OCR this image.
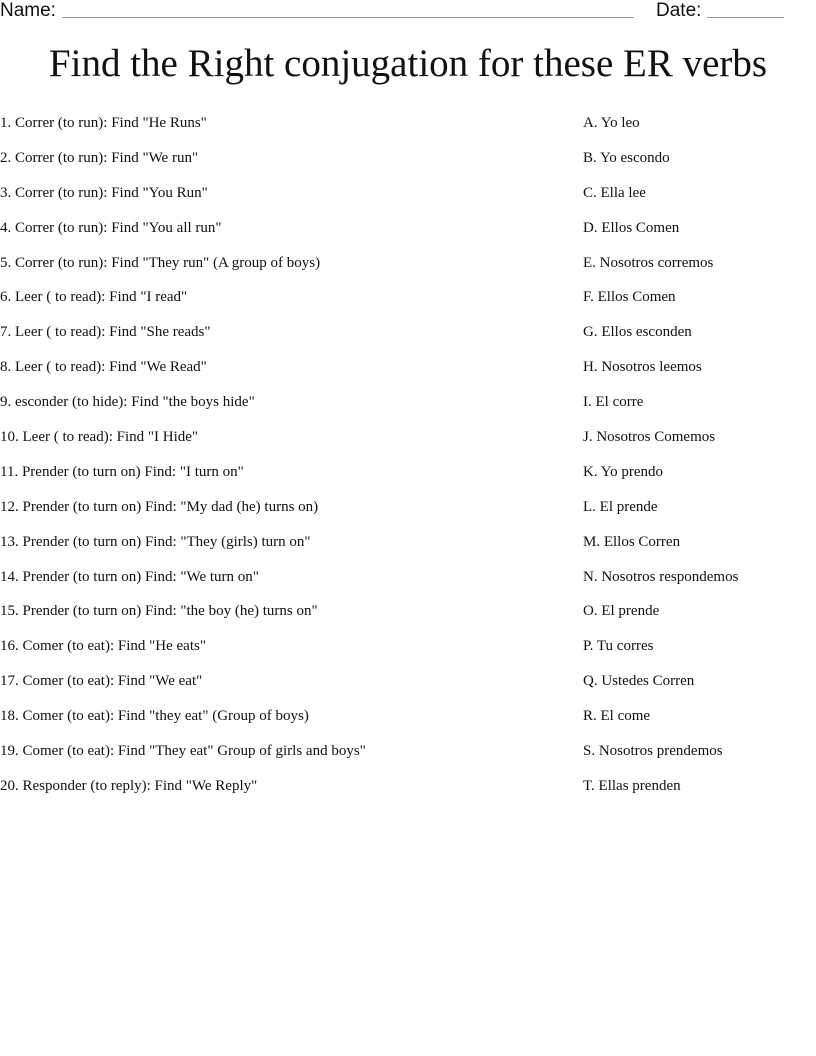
Name:	Date:
Find the Right conjugation for these ER verbs
1. Correr (to run): Find "He Runs"
2. Correr (to run): Find "We run"
3. Correr (to run): Find "You Run"
4. Correr (to run): Find "You all run"
5. Correr (to run): Find "They run" (A group of boys)
6. Leer ( to read): Find "I read"
7. Leer ( to read): Find "She reads"
8. Leer ( to read): Find "We Read"
9. esconder (to hide): Find "the boys hide"
10. Leer ( to read): Find "I Hide"
11. Prender (to turn on) Find: "I turn on"
12. Prender (to turn on) Find: "My dad (he) turns on)
13. Prender (to turn on) Find: "They (girls) turn on"
14. Prender (to turn on) Find: "We turn on"
15. Prender (to turn on) Find: "the boy (he) turns on"
16. Comer (to eat): Find "He eats"
17. Comer (to eat): Find "We eat"
18. Comer (to eat): Find "they eat" (Group of boys)
19. Comer (to eat): Find "They eat" Group of girls and boys"
20. Responder (to reply): Find "We Reply"
A. Yo leo
B. Yo escondo
C. Ella lee
D. Ellos Comen
E. Nosotros corremos
F. Ellos Comen
G. Ellos esconden
H. Nosotros leemos
I. El corre
J. Nosotros Comemos
K. Yo prendo
L. El prende
M. Ellos Corren
N. Nosotros respondemos
O. El prende
P. Tu corres
Q. Ustedes Corren
R. El come
S. Nosotros prendemos
T. Ellas prenden
